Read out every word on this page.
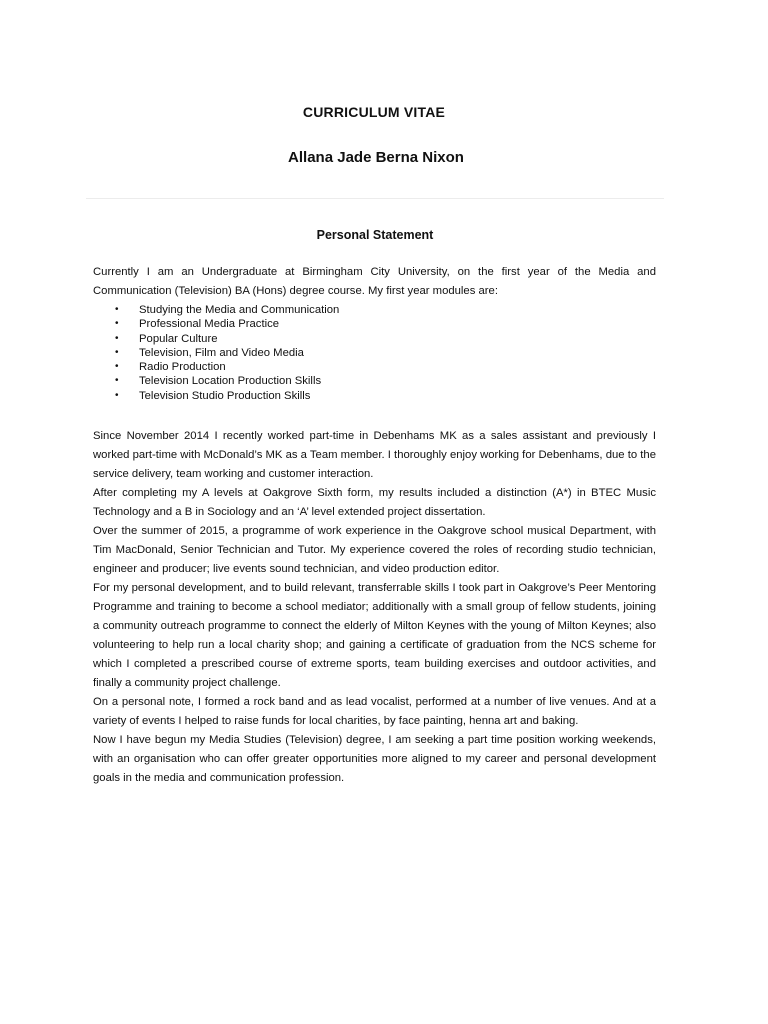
CURRICULUM VITAE
Allana Jade Berna Nixon
Personal Statement

Currently I am an Undergraduate at Birmingham City University, on the first year of the Media and Communication (Television) BA (Hons) degree course. My first year modules are:

• Studying the Media and Communication
• Professional Media Practice
• Popular Culture
• Television, Film and Video Media
• Radio Production
• Television Location Production Skills
• Television Studio Production Skills

Since November 2014 I recently worked part-time in Debenhams MK as a sales assistant and previously I worked part-time with McDonald’s MK as a Team member. I thoroughly enjoy working for Debenhams, due to the service delivery, team working and customer interaction.

After completing my A levels at Oakgrove Sixth form, my results included a distinction (A*) in BTEC Music Technology and a B in Sociology and an ‘A’ level extended project dissertation.

Over the summer of 2015, a programme of work experience in the Oakgrove school musical Department, with Tim MacDonald, Senior Technician and Tutor. My experience covered the roles of recording studio technician, engineer and producer; live events sound technician, and video production editor.

For my personal development, and to build relevant, transferrable skills I took part in Oakgrove’s Peer Mentoring Programme and training to become a school mediator; additionally with a small group of fellow students, joining a community outreach programme to connect the elderly of Milton Keynes with the young of Milton Keynes; also volunteering to help run a local charity shop; and gaining a certificate of graduation from the NCS scheme for which I completed a prescribed course of extreme sports, team building exercises and outdoor activities, and finally a community project challenge.

On a personal note, I formed a rock band and as lead vocalist, performed at a number of live venues. And at a variety of events I helped to raise funds for local charities, by face painting, henna art and baking.

Now I have begun my Media Studies (Television) degree, I am seeking a part time position working weekends, with an organisation who can offer greater opportunities more aligned to my career and personal development goals in the media and communication profession.
